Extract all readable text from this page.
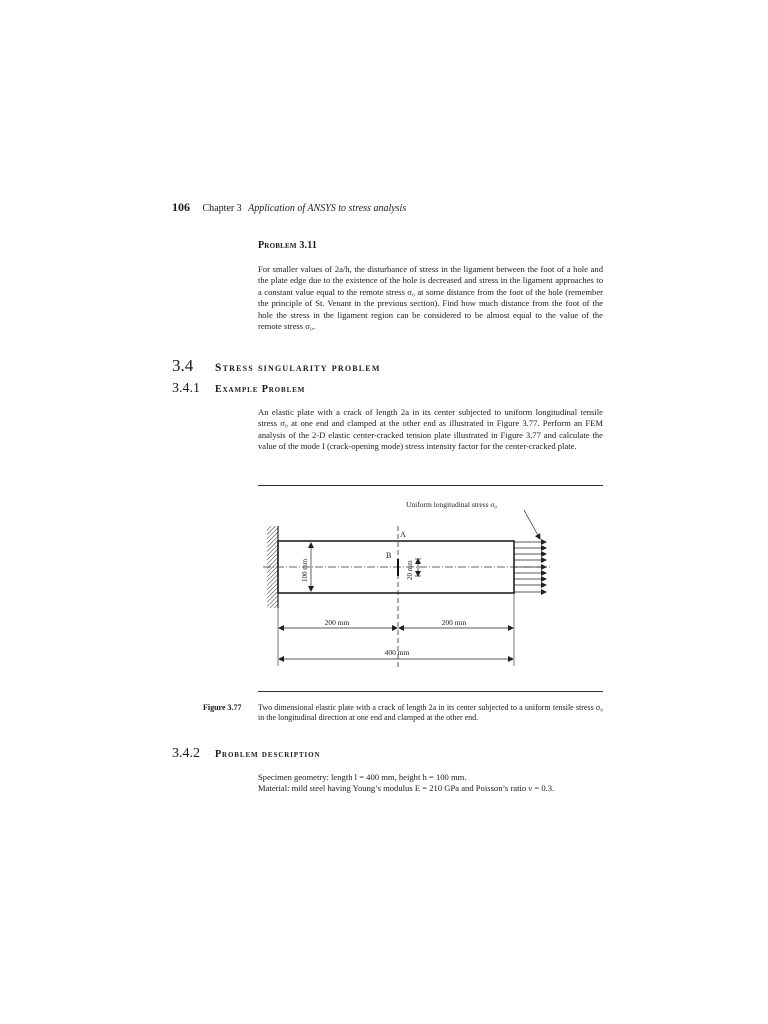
106 Chapter 3 Application of ANSYS to stress analysis
Problem 3.11
For smaller values of 2a/h, the disturbance of stress in the ligament between the foot of a hole and the plate edge due to the existence of the hole is decreased and stress in the ligament approaches to a constant value equal to the remote stress σ₀ at some distance from the foot of the hole (remember the principle of St. Venant in the previous section). Find how much distance from the foot of the hole the stress in the ligament region can be considered to be almost equal to the value of the remote stress σ₀.
3.4 Stress singularity problem
3.4.1 Example Problem
An elastic plate with a crack of length 2a in its center subjected to uniform longitudinal tensile stress σ₀ at one end and clamped at the other end as illustrated in Figure 3.77. Perform an FEM analysis of the 2-D elastic center-cracked tension plate illustrated in Figure 3.77 and calculate the value of the mode I (crack-opening mode) stress intensity factor for the center-cracked plate.
A
B
100 mm	20 mm
Uniform longitudinal stress σ₀
200 mm	200 mm
400 mm
Figure 3.77 Two dimensional elastic plate with a crack of length 2a in its center subjected to a uniform tensile stress σ₀ in the longitudinal direction at one end and clamped at the other end.
3.4.2 Problem description
Specimen geometry: length l = 400 mm, height h = 100 mm.
Material: mild steel having Young’s modulus E = 210 GPa and Poisson’s ratio ν = 0.3.
